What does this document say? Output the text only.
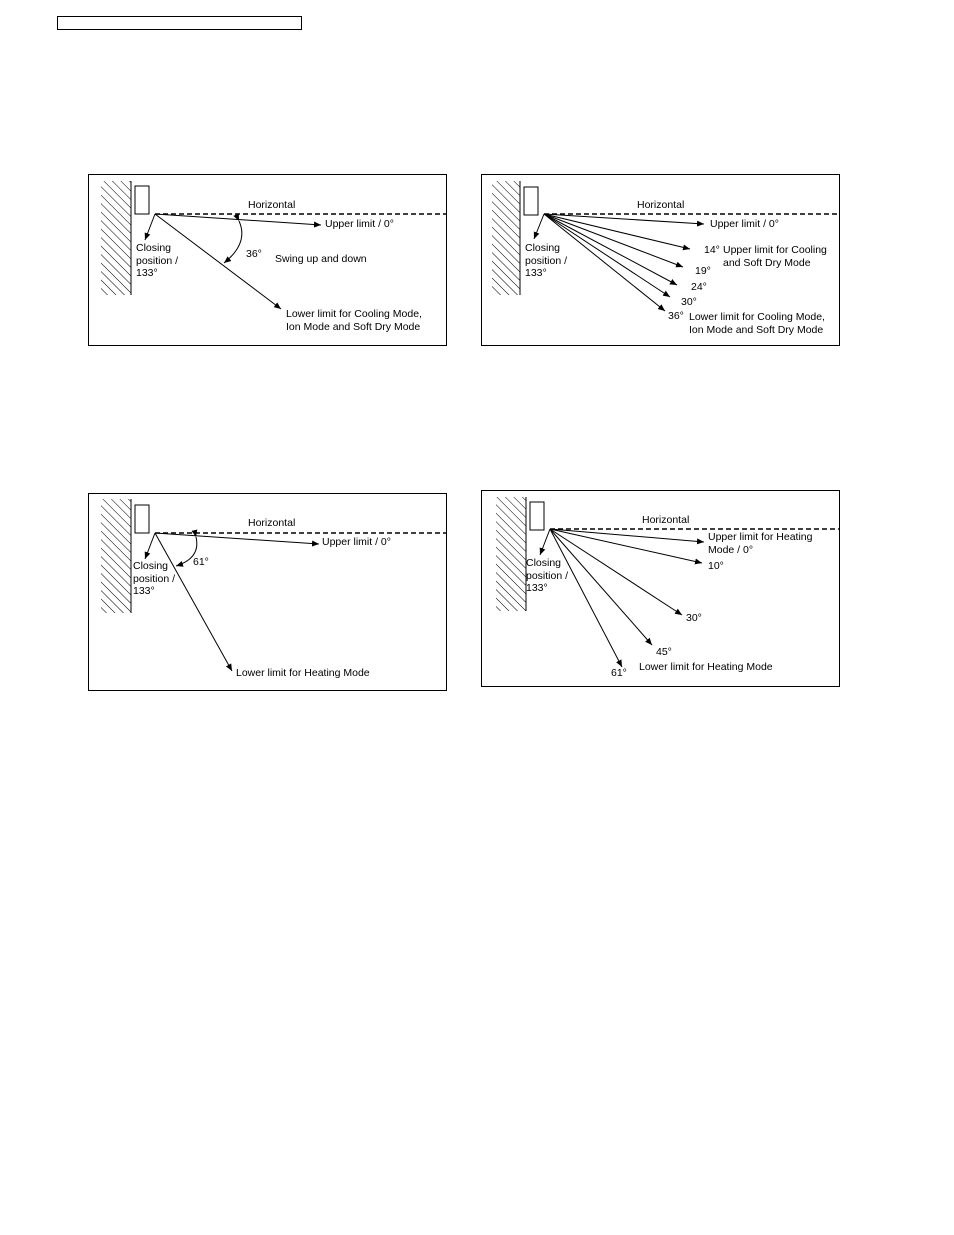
Horizontal
Upper limit / 0°
Closing
position /
133°
36° Swing up and down
Lower limit for Cooling Mode,
Ion Mode and Soft Dry Mode
Horizontal
Upper limit / 0°
Closing
position /
133°
14° Upper limit for Cooling
and Soft Dry Mode
19°
24°
30°
36° Lower limit for Cooling Mode,
Ion Mode and Soft Dry Mode
Horizontal
Upper limit / 0°
Closing
position /
133°
61°
Lower limit for Heating Mode
Horizontal
Upper limit for Heating
Mode / 0°
Closing
position /
133°
10°
30°
45°
61° Lower limit for Heating Mode
